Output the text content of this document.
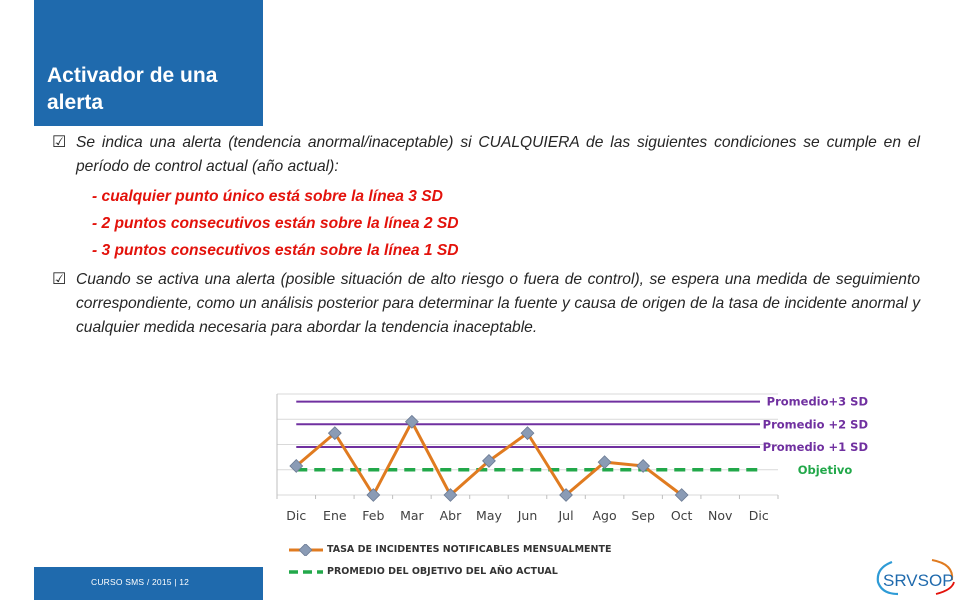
Activador de una alerta
☑ Se indica una alerta (tendencia anormal/inaceptable) si CUALQUIERA de las siguientes condiciones se cumple en el período de control actual (año actual):
- cualquier punto único está sobre la línea 3 SD
- 2 puntos consecutivos están sobre la línea 2 SD
- 3 puntos consecutivos están sobre la línea 1 SD
☑ Cuando se activa una alerta (posible situación de alto riesgo o fuera de control), se espera una medida de seguimiento correspondiente, como un análisis posterior para determinar la fuente y causa de origen de la tasa de incidente anormal y cualquier medida necesaria para abordar la tendencia inaceptable.
Dic Ene Feb Mar Abr May Jun Jul Ago Sep Oct Nov Dic
Promedio+3 SD
Promedio +2 SD
Promedio +1 SD
Objetivo
TASA DE INCIDENTES NOTIFICABLES MENSUALMENTE
PROMEDIO DEL OBJETIVO DEL AÑO ACTUAL
CURSO SMS / 2015 | 12	SRVSOP
